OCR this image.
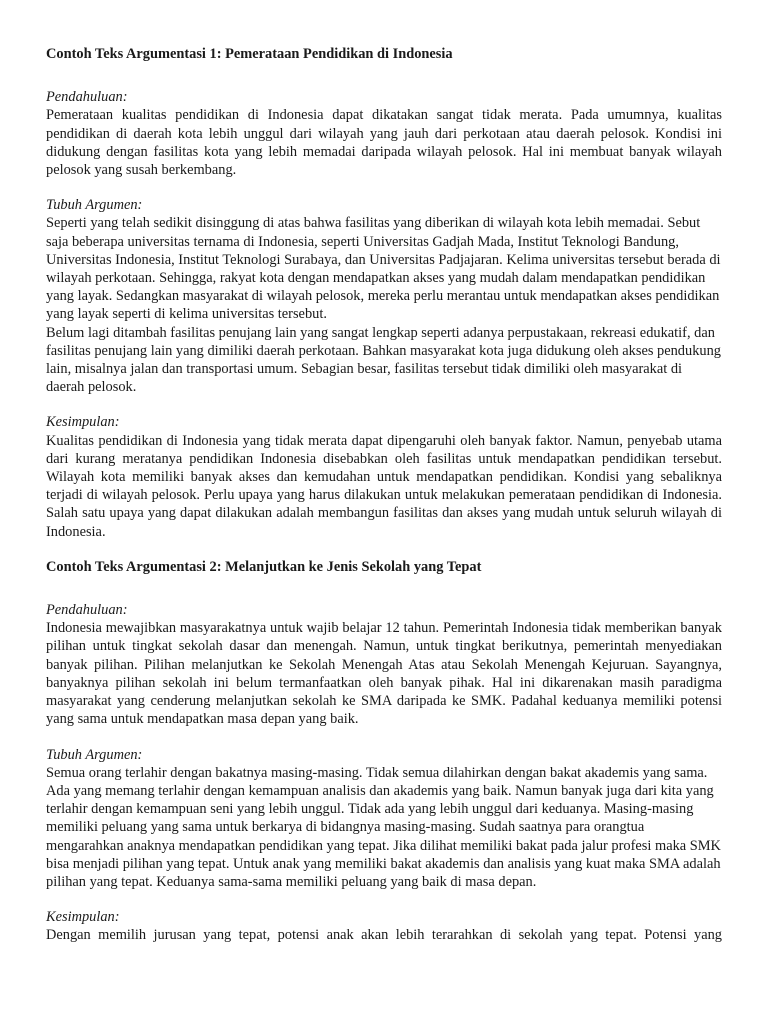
Contoh Teks Argumentasi 1: Pemerataan Pendidikan di Indonesia

Pendahuluan:

Pemerataan kualitas pendidikan di Indonesia dapat dikatakan sangat tidak merata. Pada umumnya, kualitas pendidikan di daerah kota lebih unggul dari wilayah yang jauh dari perkotaan atau daerah pelosok. Kondisi ini didukung dengan fasilitas kota yang lebih memadai daripada wilayah pelosok. Hal ini membuat banyak wilayah pelosok yang susah berkembang.

Tubuh Argumen:

Seperti yang telah sedikit disinggung di atas bahwa fasilitas yang diberikan di wilayah kota lebih memadai. Sebut saja beberapa universitas ternama di Indonesia, seperti Universitas Gadjah Mada, Institut Teknologi Bandung, Universitas Indonesia, Institut Teknologi Surabaya, dan Universitas Padjajaran. Kelima universitas tersebut berada di wilayah perkotaan. Sehingga, rakyat kota dengan mendapatkan akses yang mudah dalam mendapatkan pendidikan yang layak. Sedangkan masyarakat di wilayah pelosok, mereka perlu merantau untuk mendapatkan akses pendidikan yang layak seperti di kelima universitas tersebut.

Belum lagi ditambah fasilitas penujang lain yang sangat lengkap seperti adanya perpustakaan, rekreasi edukatif, dan fasilitas penujang lain yang dimiliki daerah perkotaan. Bahkan masyarakat kota juga didukung oleh akses pendukung lain, misalnya jalan dan transportasi umum. Sebagian besar, fasilitas tersebut tidak dimiliki oleh masyarakat di daerah pelosok.

Kesimpulan:

Kualitas pendidikan di Indonesia yang tidak merata dapat dipengaruhi oleh banyak faktor. Namun, penyebab utama dari kurang meratanya pendidikan Indonesia disebabkan oleh fasilitas untuk mendapatkan pendidikan tersebut. Wilayah kota memiliki banyak akses dan kemudahan untuk mendapatkan pendidikan. Kondisi yang sebaliknya terjadi di wilayah pelosok. Perlu upaya yang harus dilakukan untuk melakukan pemerataan pendidikan di Indonesia. Salah satu upaya yang dapat dilakukan adalah membangun fasilitas dan akses yang mudah untuk seluruh wilayah di Indonesia.

Contoh Teks Argumentasi 2: Melanjutkan ke Jenis Sekolah yang Tepat

Pendahuluan:

Indonesia mewajibkan masyarakatnya untuk wajib belajar 12 tahun. Pemerintah Indonesia tidak memberikan banyak pilihan untuk tingkat sekolah dasar dan menengah. Namun, untuk tingkat berikutnya, pemerintah menyediakan banyak pilihan. Pilihan melanjutkan ke Sekolah Menengah Atas atau Sekolah Menengah Kejuruan. Sayangnya, banyaknya pilihan sekolah ini belum termanfaatkan oleh banyak pihak. Hal ini dikarenakan masih paradigma masyarakat yang cenderung melanjutkan sekolah ke SMA daripada ke SMK. Padahal keduanya memiliki potensi yang sama untuk mendapatkan masa depan yang baik.

Tubuh Argumen:

Semua orang terlahir dengan bakatnya masing-masing. Tidak semua dilahirkan dengan bakat akademis yang sama. Ada yang memang terlahir dengan kemampuan analisis dan akademis yang baik. Namun banyak juga dari kita yang terlahir dengan kemampuan seni yang lebih unggul. Tidak ada yang lebih unggul dari keduanya. Masing-masing memiliki peluang yang sama untuk berkarya di bidangnya masing-masing. Sudah saatnya para orangtua mengarahkan anaknya mendapatkan pendidikan yang tepat. Jika dilihat memiliki bakat pada jalur profesi maka SMK bisa menjadi pilihan yang tepat. Untuk anak yang memiliki bakat akademis dan analisis yang kuat maka SMA adalah pilihan yang tepat. Keduanya sama-sama memiliki peluang yang baik di masa depan.

Kesimpulan:

Dengan memilih jurusan yang tepat, potensi anak akan lebih terarahkan di sekolah yang tepat. Potensi yang
